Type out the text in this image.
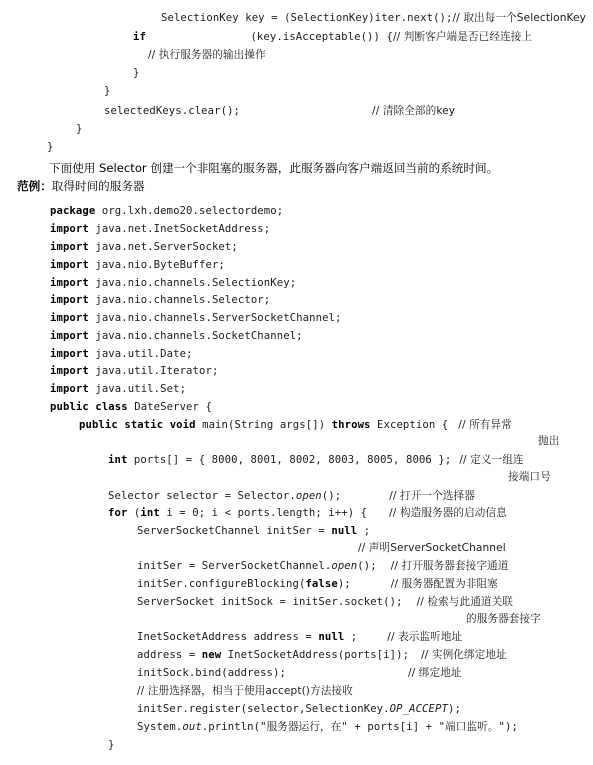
SelectionKey key = (SelectionKey)iter.next();// 取出每一个SelectionKey
if	(key.isAcceptable()) {// 判断客户端是否已经连接上
// 执行服务器的输出操作
}
}
selectedKeys.clear();	// 清除全部的key
}
}
下面使用 Selector 创建一个非阻塞的服务器，此服务器向客户端返回当前的系统时间。
范例：取得时间的服务器
package org.lxh.demo20.selectordemo;
import java.net.InetSocketAddress;
import java.net.ServerSocket;
import java.nio.ByteBuffer;
import java.nio.channels.SelectionKey;
import java.nio.channels.Selector;
import java.nio.channels.ServerSocketChannel;
import java.nio.channels.SocketChannel;
import java.util.Date;
import java.util.Iterator;
import java.util.Set;
public class DateServer {
public static void main(String args[]) throws Exception { // 所有异常
抛出
int ports[] = { 8000, 8001, 8002, 8003, 8005, 8006 }; // 定义一组连
接端口号
Selector selector = Selector.open();	// 打开一个选择器
for (int i = 0; i < ports.length; i++) { // 构造服务器的启动信息
ServerSocketChannel initSer = null ;
// 声明ServerSocketChannel
initSer = ServerSocketChannel.open(); // 打开服务器套接字通道
initSer.configureBlocking(false);	// 服务器配置为非阻塞
ServerSocket initSock = initSer.socket(); // 检索与此通道关联
的服务器套接字
InetSocketAddress address = null ;	// 表示监听地址
address = new InetSocketAddress(ports[i]); // 实例化绑定地址
initSock.bind(address);	// 绑定地址
// 注册选择器，相当于使用accept()方法接收
initSer.register(selector,SelectionKey.OP_ACCEPT);
System.out.println("服务器运行，在" + ports[i] + "端口监听。");
}
